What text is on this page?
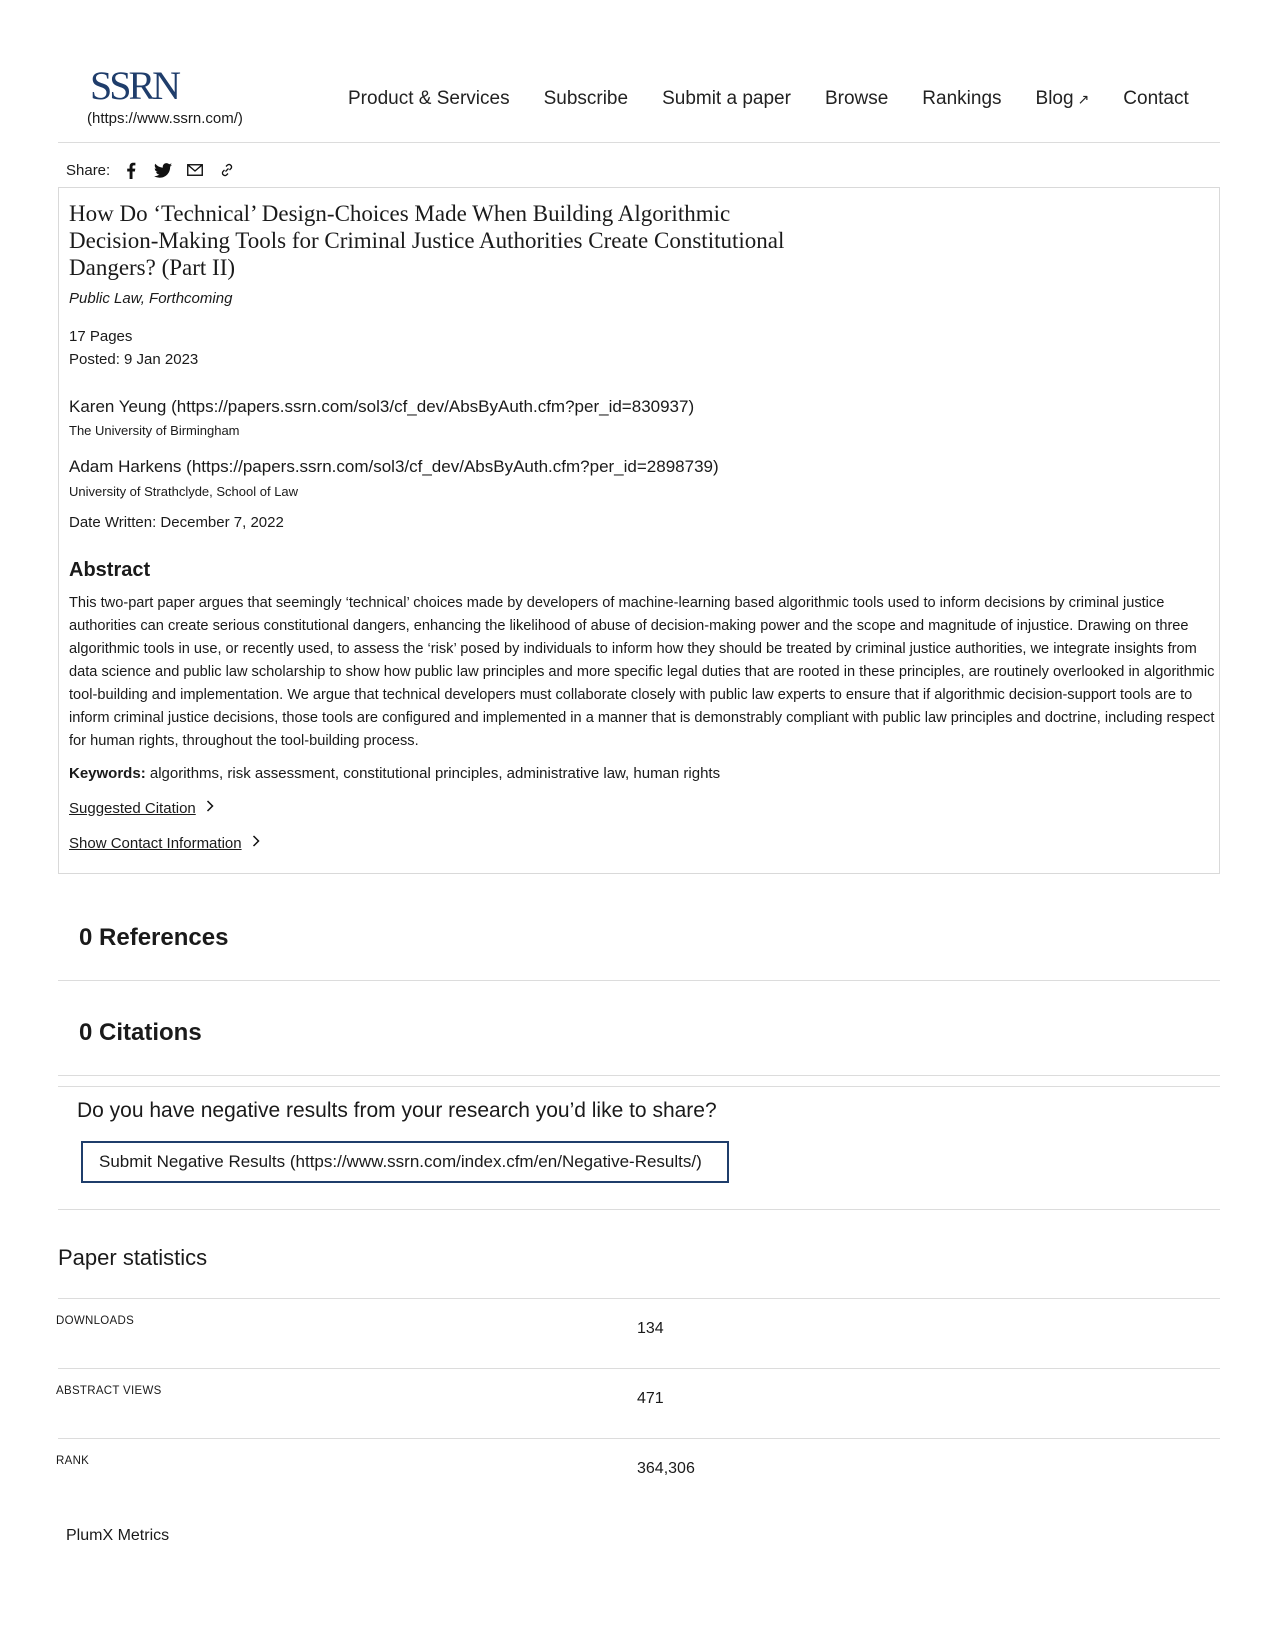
SSRN
(https://www.ssrn.com/)
Product & Services Subscribe Submit a paper Browse Rankings Blog ↗ Contact
Share:
How Do ‘Technical’ Design-Choices Made When Building Algorithmic Decision-Making Tools for Criminal Justice Authorities Create Constitutional Dangers? (Part II)
Public Law, Forthcoming
17 Pages
Posted: 9 Jan 2023
Karen Yeung (https://papers.ssrn.com/sol3/cf_dev/AbsByAuth.cfm?per_id=830937)
The University of Birmingham
Adam Harkens (https://papers.ssrn.com/sol3/cf_dev/AbsByAuth.cfm?per_id=2898739)
University of Strathclyde, School of Law
Date Written: December 7, 2022
Abstract
This two-part paper argues that seemingly ‘technical’ choices made by developers of machine-learning based algorithmic tools used to inform decisions by criminal justice authorities can create serious constitutional dangers, enhancing the likelihood of abuse of decision-making power and the scope and magnitude of injustice. Drawing on three algorithmic tools in use, or recently used, to assess the ‘risk’ posed by individuals to inform how they should be treated by criminal justice authorities, we integrate insights from data science and public law scholarship to show how public law principles and more specific legal duties that are rooted in these principles, are routinely overlooked in algorithmic tool-building and implementation. We argue that technical developers must collaborate closely with public law experts to ensure that if algorithmic decision-support tools are to inform criminal justice decisions, those tools are configured and implemented in a manner that is demonstrably compliant with public law principles and doctrine, including respect for human rights, throughout the tool-building process.
Keywords: algorithms, risk assessment, constitutional principles, administrative law, human rights
Suggested Citation
Show Contact Information
0 References
0 Citations
Do you have negative results from your research you’d like to share?
Submit Negative Results (https://www.ssrn.com/index.cfm/en/Negative-Results/)
Paper statistics
DOWNLOADS	134
ABSTRACT VIEWS	471
RANK	364,306
PlumX Metrics
